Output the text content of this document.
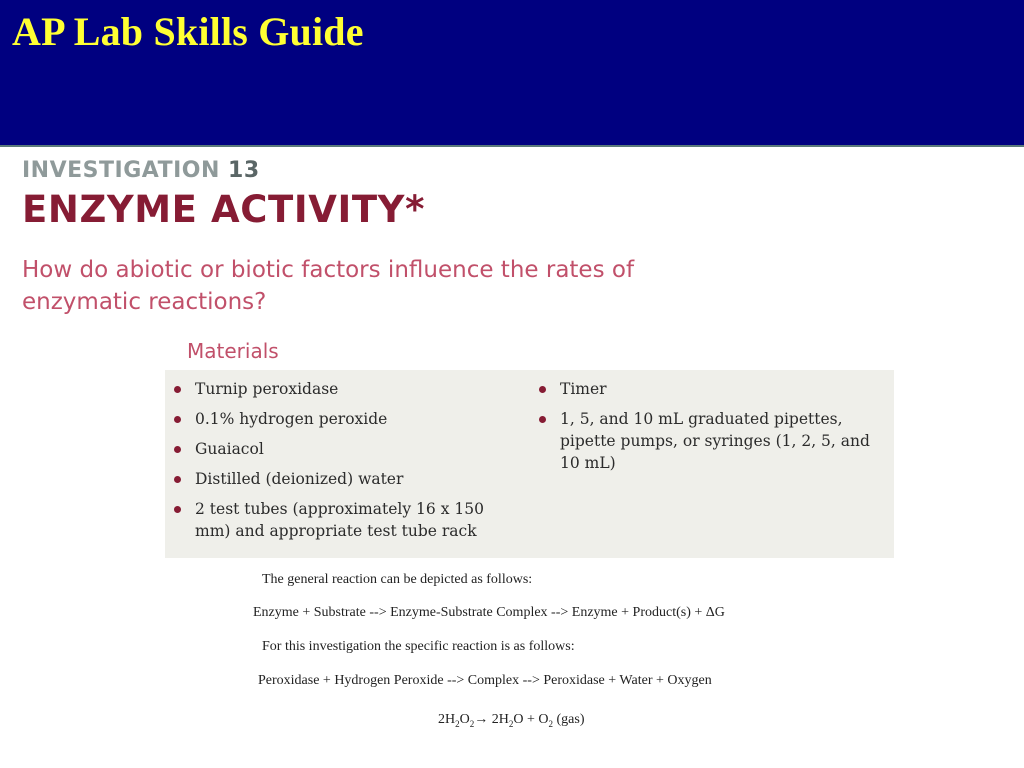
AP Lab Skills Guide
INVESTIGATION 13
ENZYME ACTIVITY*
How do abiotic or biotic factors influence the rates of enzymatic reactions?
Materials
Turnip peroxidase
0.1% hydrogen peroxide
Guaiacol
Distilled (deionized) water
2 test tubes (approximately 16 x 150 mm) and appropriate test tube rack
Timer
1, 5, and 10 mL graduated pipettes, pipette pumps, or syringes (1, 2, 5, and 10 mL)
The general reaction can be depicted as follows:
Enzyme + Substrate --> Enzyme-Substrate Complex --> Enzyme + Product(s) + ΔG
For this investigation the specific reaction is as follows:
Peroxidase + Hydrogen Peroxide --> Complex --> Peroxidase + Water + Oxygen
$2H_2O_2\to 2H_2O + O_2$ (gas)
